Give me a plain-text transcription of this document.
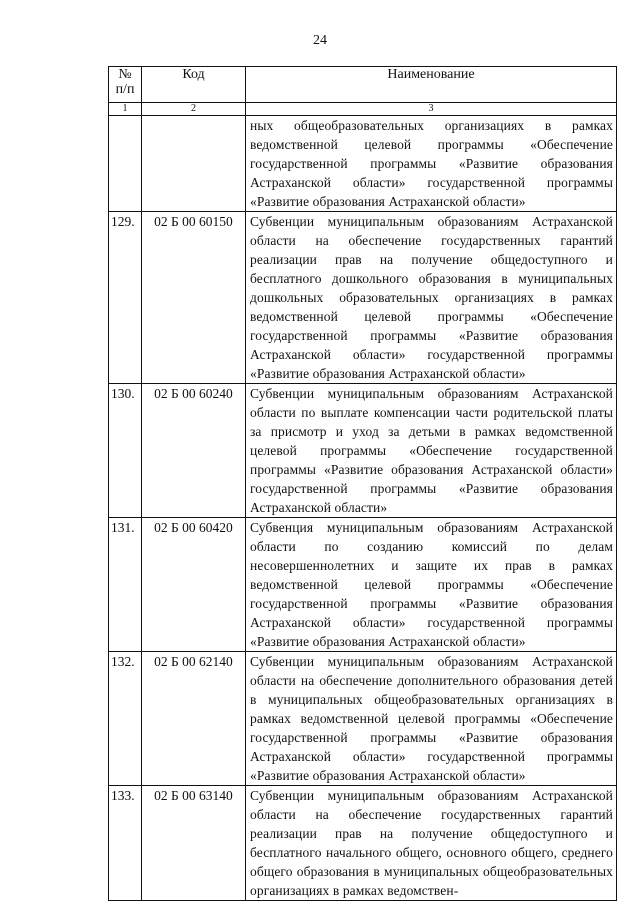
24
№
п/п	Код	Наименование
1	2	3
		ных общеобразовательных организациях в рамках ведомственной целевой программы «Обеспечение государственной программы «Развитие образования Астраханской области» государственной программы «Развитие образования Астраханской области»
129.	02 Б 00 60150	Субвенции муниципальным образованиям Астраханской области на обеспечение государственных гарантий реализации прав на получение общедоступного и бесплатного дошкольного образования в муниципальных дошкольных образовательных организациях в рамках ведомственной целевой программы «Обеспечение государственной программы «Развитие образования Астраханской области» государственной программы «Развитие образования Астраханской области»
130.	02 Б 00 60240	Субвенции муниципальным образованиям Астраханской области по выплате компенсации части родительской платы за присмотр и уход за детьми в рамках ведомственной целевой программы «Обеспечение государственной программы «Развитие образования Астраханской области» государственной программы «Развитие образования Астраханской области»
131.	02 Б 00 60420	Субвенция муниципальным образованиям Астраханской области по созданию комиссий по делам несовершеннолетних и защите их прав в рамках ведомственной целевой программы «Обеспечение государственной программы «Развитие образования Астраханской области» государственной программы «Развитие образования Астраханской области»
132.	02 Б 00 62140	Субвенции муниципальным образованиям Астраханской области на обеспечение дополнительного образования детей в муниципальных общеобразовательных организациях в рамках ведомственной целевой программы «Обеспечение государственной программы «Развитие образования Астраханской области» государственной программы «Развитие образования Астраханской области»
133.	02 Б 00 63140	Субвенции муниципальным образованиям Астраханской области на обеспечение государственных гарантий реализации прав на получение общедоступного и бесплатного начального общего, основного общего, среднего общего образования в муниципальных общеобразовательных организациях в рамках ведомствен-
